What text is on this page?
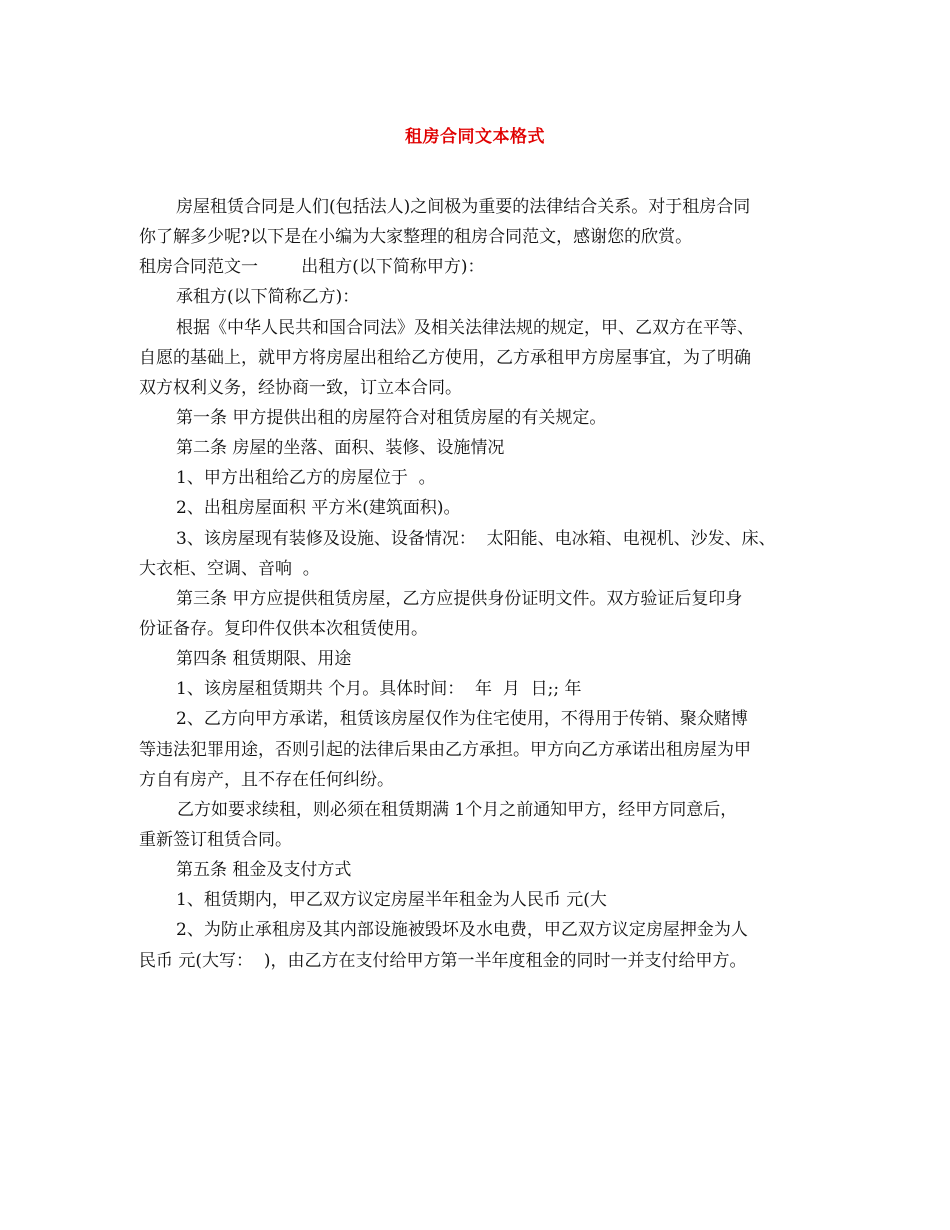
租房合同文本格式
房屋租赁合同是人们(包括法人)之间极为重要的法律结合关系。对于租房合同
你了解多少呢?以下是在小编为大家整理的租房合同范文，感谢您的欣赏。
租房合同范文一        出租方(以下简称甲方)：
承租方(以下简称乙方)：
根据《中华人民共和国合同法》及相关法律法规的规定，甲、乙双方在平等、
自愿的基础上，就甲方将房屋出租给乙方使用，乙方承租甲方房屋事宜，为了明确
双方权利义务，经协商一致，订立本合同。
第一条 甲方提供出租的房屋符合对租赁房屋的有关规定。
第二条 房屋的坐落、面积、装修、设施情况
1、甲方出租给乙方的房屋位于  。
2、出租房屋面积 平方米(建筑面积)。
3、该房屋现有装修及设施、设备情况：  太阳能、电冰箱、电视机、沙发、床、
大衣柜、空调、音响  。
第三条 甲方应提供租赁房屋，乙方应提供身份证明文件。双方验证后复印身
份证备存。复印件仅供本次租赁使用。
第四条 租赁期限、用途
1、该房屋租赁期共 个月。具体时间：  年  月  日;; 年
2、乙方向甲方承诺，租赁该房屋仅作为住宅使用，不得用于传销、聚众赌博
等违法犯罪用途，否则引起的法律后果由乙方承担。甲方向乙方承诺出租房屋为甲
方自有房产，且不存在任何纠纷。
乙方如要求续租，则必须在租赁期满 1个月之前通知甲方，经甲方同意后，
重新签订租赁合同。
第五条 租金及支付方式
1、租赁期内，甲乙双方议定房屋半年租金为人民币 元(大
2、为防止承租房及其内部设施被毁坏及水电费，甲乙双方议定房屋押金为人
民币 元(大写：  )，由乙方在支付给甲方第一半年度租金的同时一并支付给甲方。
